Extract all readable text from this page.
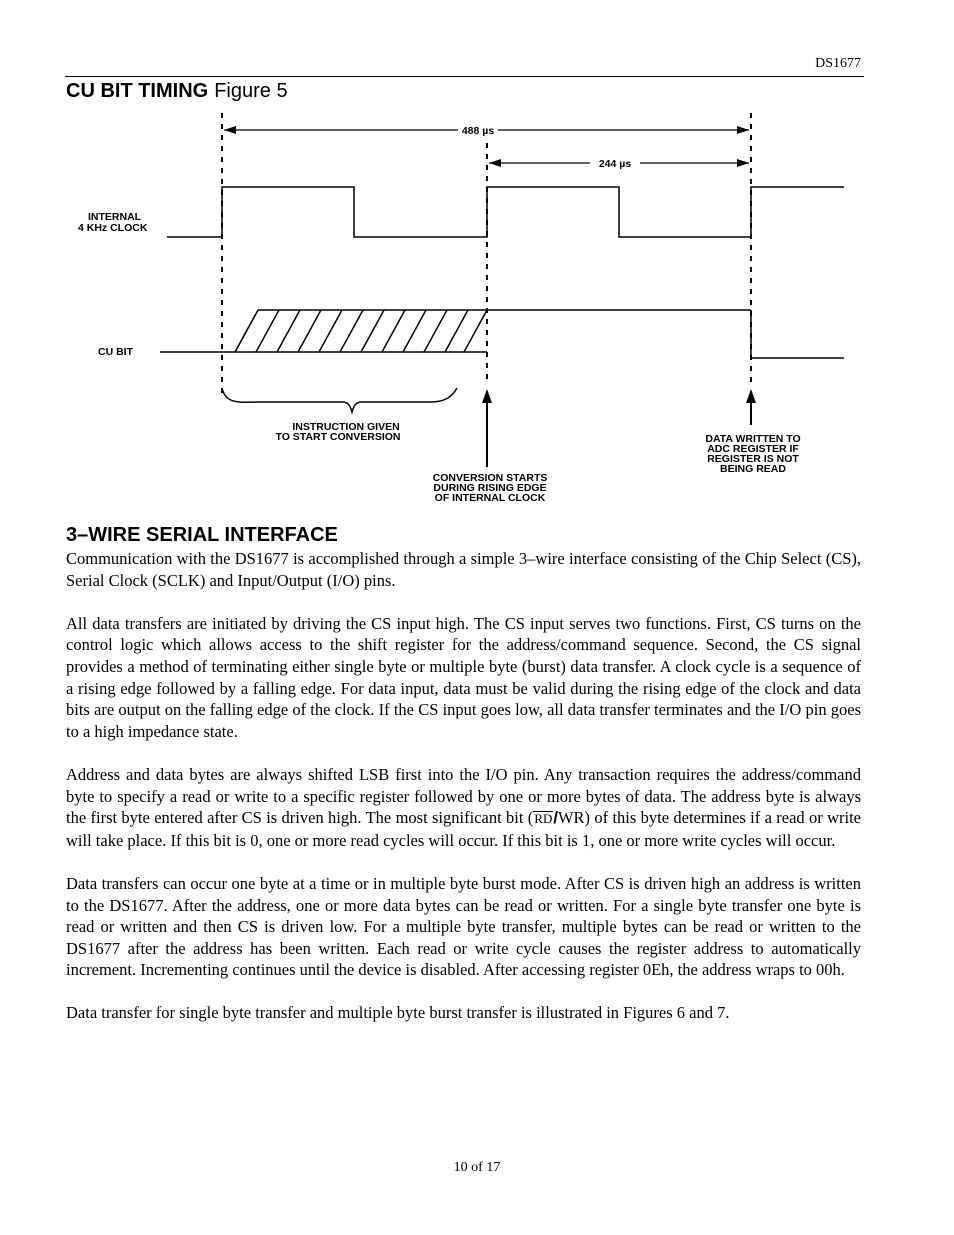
DS1677
CU BIT TIMING Figure 5
488 µs
244 µs
INTERNAL
4 KHz CLOCK
CU BIT
INSTRUCTION GIVEN
TO START CONVERSION
CONVERSION STARTS
DURING RISING EDGE
OF INTERNAL CLOCK
DATA WRITTEN TO
ADC REGISTER IF
REGISTER IS NOT
BEING READ
3–WIRE SERIAL INTERFACE

Communication with the DS1677 is accomplished through a simple 3–wire interface consisting of the Chip Select (CS), Serial Clock (SCLK) and Input/Output (I/O) pins.

All data transfers are initiated by driving the CS input high. The CS input serves two functions. First, CS turns on the control logic which allows access to the shift register for the address/command sequence. Second, the CS signal provides a method of terminating either single byte or multiple byte (burst) data transfer. A clock cycle is a sequence of a rising edge followed by a falling edge. For data input, data must be valid during the rising edge of the clock and data bits are output on the falling edge of the clock. If the CS input goes low, all data transfer terminates and the I/O pin goes to a high impedance state.

Address and data bytes are always shifted LSB first into the I/O pin. Any transaction requires the address/command byte to specify a read or write to a specific register followed by one or more bytes of data. The address byte is always the first byte entered after CS is driven high. The most significant bit (RD/WR) of this byte determines if a read or write will take place. If this bit is 0, one or more read cycles will occur. If this bit is 1, one or more write cycles will occur.

Data transfers can occur one byte at a time or in multiple byte burst mode. After CS is driven high an address is written to the DS1677. After the address, one or more data bytes can be read or written. For a single byte transfer one byte is read or written and then CS is driven low. For a multiple byte transfer, multiple bytes can be read or written to the DS1677 after the address has been written. Each read or write cycle causes the register address to automatically increment. Incrementing continues until the device is disabled. After accessing register 0Eh, the address wraps to 00h.

Data transfer for single byte transfer and multiple byte burst transfer is illustrated in Figures 6 and 7.

10 of 17
